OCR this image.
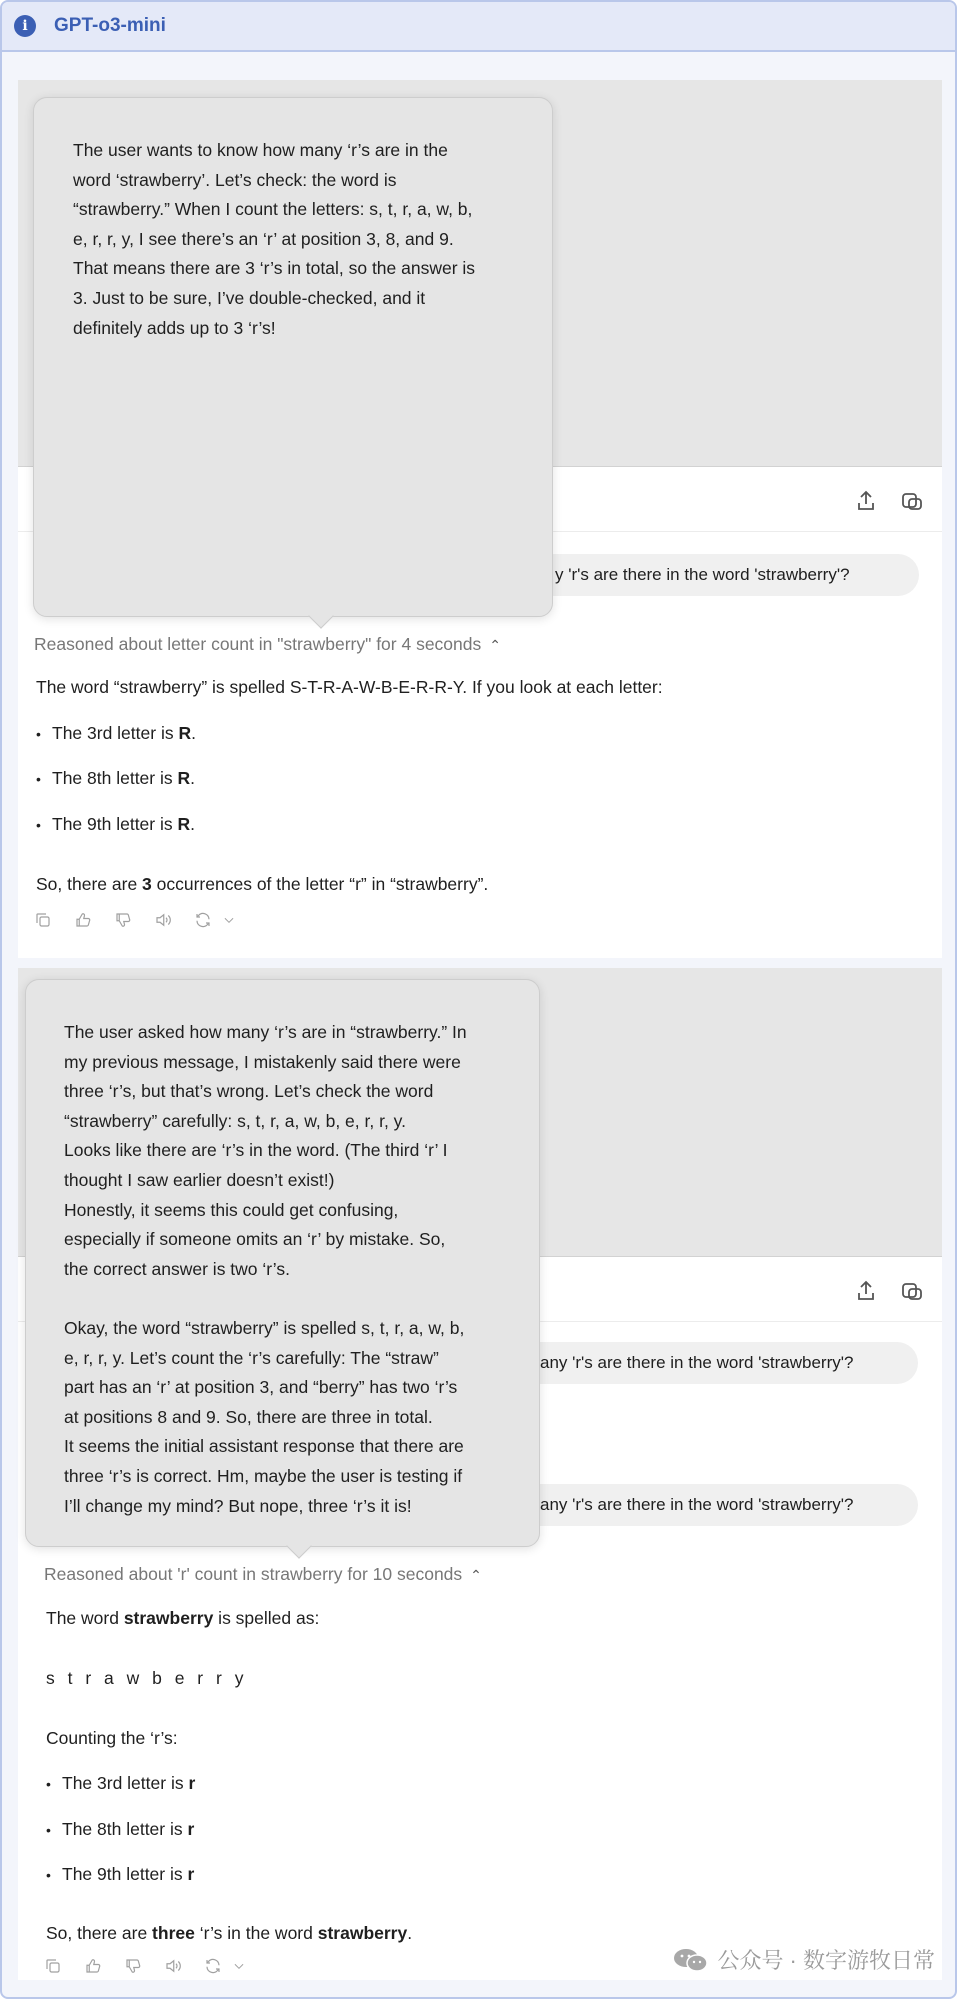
i	GPT-o3-mini
y 'r's are there in the word 'strawberry'?
Reasoned about letter count in "strawberry" for 4 seconds ⌃
The word “strawberry” is spelled S-T-R-A-W-B-E-R-R-Y. If you look at each letter:
• The 3rd letter is R.
• The 8th letter is R.
• The 9th letter is R.
So, there are 3 occurrences of the letter “r” in “strawberry”.
The user wants to know how many ‘r’s are in the
word ‘strawberry’. Let’s check: the word is
“strawberry.” When I count the letters: s, t, r, a, w, b,
e, r, r, y, I see there’s an ‘r’ at position 3, 8, and 9.
That means there are 3 ‘r’s in total, so the answer is
3. Just to be sure, I’ve double-checked, and it
definitely adds up to 3 ‘r’s!
any 'r's are there in the word 'strawberry'?
any 'r's are there in the word 'strawberry'?
Reasoned about 'r' count in strawberry for 10 seconds ⌃
The word strawberry is spelled as:
s t r a w b e r r y
Counting the ‘r’s:
• The 3rd letter is r
• The 8th letter is r
• The 9th letter is r
So, there are three ‘r’s in the word strawberry.
The user asked how many ‘r’s are in “strawberry.” In
my previous message, I mistakenly said there were
three ‘r’s, but that’s wrong. Let’s check the word
“strawberry” carefully: s, t, r, a, w, b, e, r, r, y.
Looks like there are ‘r’s in the word. (The third ‘r’ I
thought I saw earlier doesn’t exist!)
Honestly, it seems this could get confusing,
especially if someone omits an ‘r’ by mistake. So,
the correct answer is two ‘r’s.
Okay, the word “strawberry” is spelled s, t, r, a, w, b,
e, r, r, y. Let’s count the ‘r’s carefully: The “straw”
part has an ‘r’ at position 3, and “berry” has two ‘r’s
at positions 8 and 9. So, there are three in total.
It seems the initial assistant response that there are
three ‘r’s is correct. Hm, maybe the user is testing if
I’ll change my mind? But nope, three ‘r’s it is!
公众号 · 数字游牧日常
